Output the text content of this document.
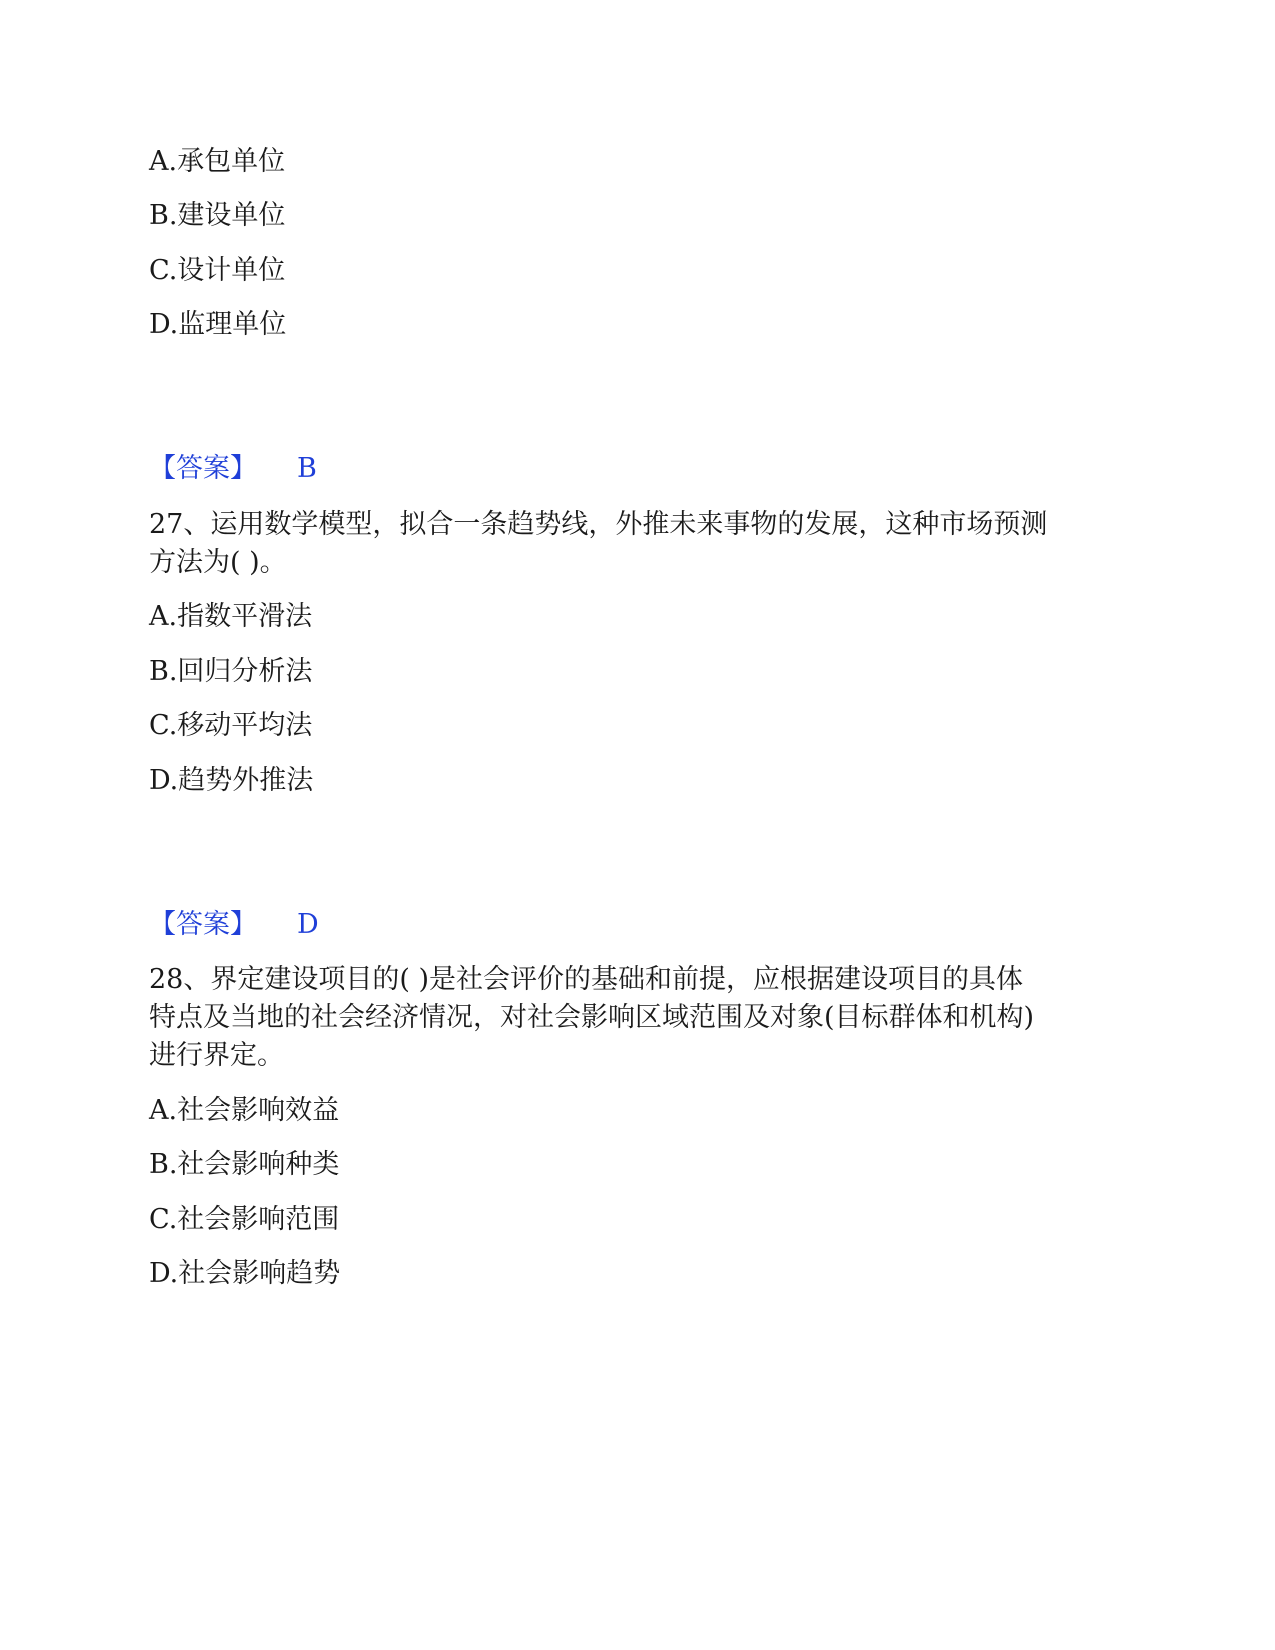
A.承包单位
B.建设单位
C.设计单位
D.监理单位
【答案】 B
27、运用数学模型，拟合一条趋势线，外推未来事物的发展，这种市场预测
方法为( )。
A.指数平滑法
B.回归分析法
C.移动平均法
D.趋势外推法
【答案】 D
28、界定建设项目的( )是社会评价的基础和前提，应根据建设项目的具体
特点及当地的社会经济情况，对社会影响区域范围及对象(目标群体和机构)
进行界定。
A.社会影响效益
B.社会影响种类
C.社会影响范围
D.社会影响趋势
